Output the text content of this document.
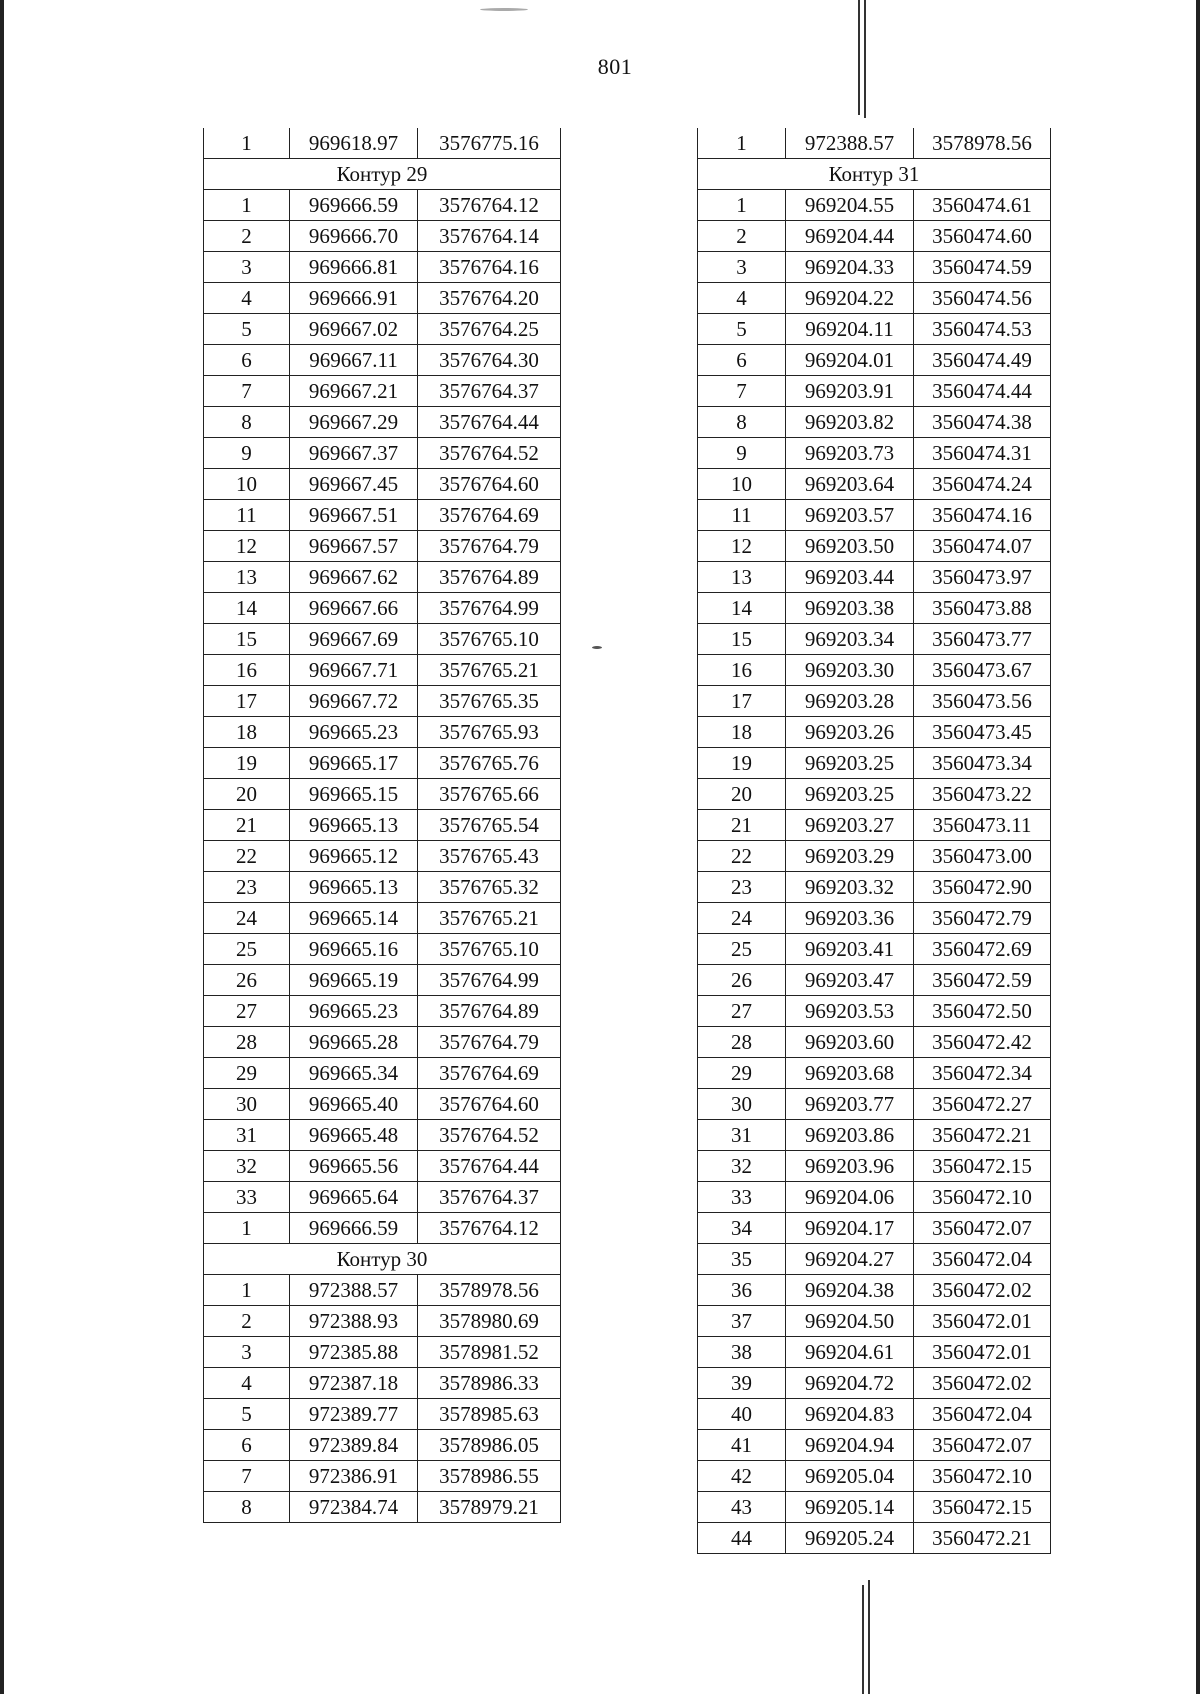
801
1	969618.97	3576775.16
Контур 29		
1	969666.59	3576764.12
2	969666.70	3576764.14
3	969666.81	3576764.16
4	969666.91	3576764.20
5	969667.02	3576764.25
6	969667.11	3576764.30
7	969667.21	3576764.37
8	969667.29	3576764.44
9	969667.37	3576764.52
10	969667.45	3576764.60
11	969667.51	3576764.69
12	969667.57	3576764.79
13	969667.62	3576764.89
14	969667.66	3576764.99
15	969667.69	3576765.10
16	969667.71	3576765.21
17	969667.72	3576765.35
18	969665.23	3576765.93
19	969665.17	3576765.76
20	969665.15	3576765.66
21	969665.13	3576765.54
22	969665.12	3576765.43
23	969665.13	3576765.32
24	969665.14	3576765.21
25	969665.16	3576765.10
26	969665.19	3576764.99
27	969665.23	3576764.89
28	969665.28	3576764.79
29	969665.34	3576764.69
30	969665.40	3576764.60
31	969665.48	3576764.52
32	969665.56	3576764.44
33	969665.64	3576764.37
1	969666.59	3576764.12
Контур 30		
1	972388.57	3578978.56
2	972388.93	3578980.69
3	972385.88	3578981.52
4	972387.18	3578986.33
5	972389.77	3578985.63
6	972389.84	3578986.05
7	972386.91	3578986.55
8	972384.74	3578979.21
1	972388.57	3578978.56
Контур 31		
1	969204.55	3560474.61
2	969204.44	3560474.60
3	969204.33	3560474.59
4	969204.22	3560474.56
5	969204.11	3560474.53
6	969204.01	3560474.49
7	969203.91	3560474.44
8	969203.82	3560474.38
9	969203.73	3560474.31
10	969203.64	3560474.24
11	969203.57	3560474.16
12	969203.50	3560474.07
13	969203.44	3560473.97
14	969203.38	3560473.88
15	969203.34	3560473.77
16	969203.30	3560473.67
17	969203.28	3560473.56
18	969203.26	3560473.45
19	969203.25	3560473.34
20	969203.25	3560473.22
21	969203.27	3560473.11
22	969203.29	3560473.00
23	969203.32	3560472.90
24	969203.36	3560472.79
25	969203.41	3560472.69
26	969203.47	3560472.59
27	969203.53	3560472.50
28	969203.60	3560472.42
29	969203.68	3560472.34
30	969203.77	3560472.27
31	969203.86	3560472.21
32	969203.96	3560472.15
33	969204.06	3560472.10
34	969204.17	3560472.07
35	969204.27	3560472.04
36	969204.38	3560472.02
37	969204.50	3560472.01
38	969204.61	3560472.01
39	969204.72	3560472.02
40	969204.83	3560472.04
41	969204.94	3560472.07
42	969205.04	3560472.10
43	969205.14	3560472.15
44	969205.24	3560472.21
